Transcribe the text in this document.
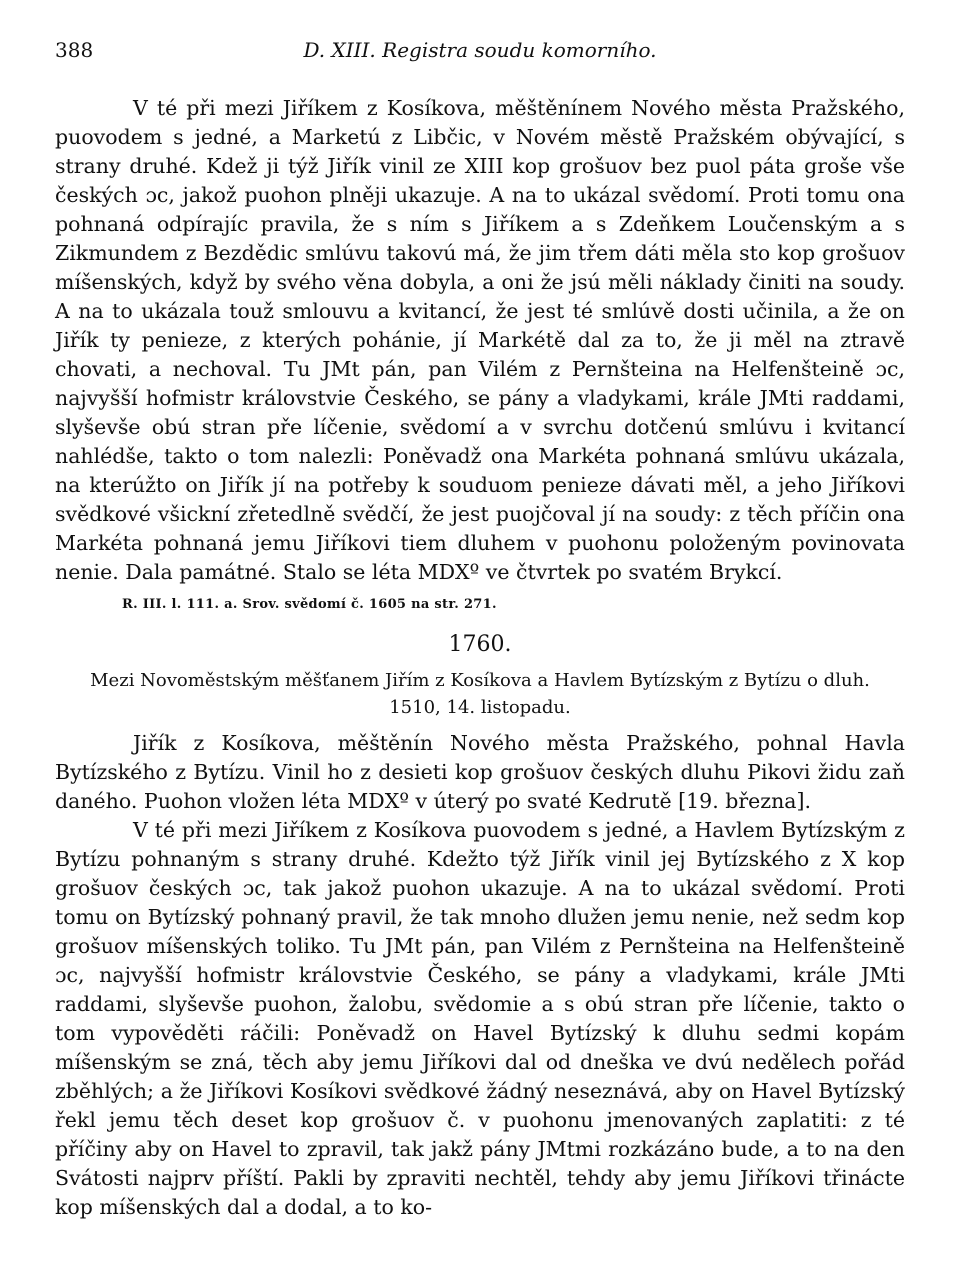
388	D. XIII. Registra soudu komorního.

V té při mezi Jiříkem z Kosíkova, měštěnínem Nového města Pražského, puovodem s jedné, a Marketú z Libčic, v Novém městě Pražském obývající, s strany druhé. Kdež ji týž Jiřík vinil ze XIII kop grošuov bez puol páta groše vše českých ɔc, jakož puohon plněji ukazuje. A na to ukázal svědomí. Proti tomu ona pohnaná odpírajíc pravila, že s ním s Jiříkem a s Zdeňkem Loučenským a s Zikmundem z Bezdědic smlúvu takovú má, že jim třem dáti měla sto kop grošuov míšenských, když by svého věna dobyla, a oni že jsú měli náklady činiti na soudy. A na to ukázala touž smlouvu a kvitancí, že jest té smlúvě dosti učinila, a že on Jiřík ty penieze, z kterých pohánie, jí Markétě dal za to, že ji měl na ztravě chovati, a nechoval. Tu JMt pán, pan Vilém z Pernšteina na Helfenšteině ɔc, najvyšší hofmistr královstvie Českého, se pány a vladykami, krále JMti raddami, slyševše obú stran pře líčenie, svědomí a v svrchu dotčenú smlúvu i kvitancí nahlédše, takto o tom nalezli: Poněvadž ona Markéta pohnaná smlúvu ukázala, na kterúžto on Jiřík jí na potřeby k souduom penieze dávati měl, a jeho Jiříkovi svědkové všickní zřetedlně svědčí, že jest puojčoval jí na soudy: z těch příčin ona Markéta pohnaná jemu Jiříkovi tiem dluhem v puohonu položeným povinovata nenie. Dala památné. Stalo se léta MDXº ve čtvrtek po svatém Brykcí.

R. III. l. 111. a. Srov. svědomí č. 1605 na str. 271.

1760.

Mezi Novoměstským měšťanem Jiřím z Kosíkova a Havlem Bytízským z Bytízu o dluh.

1510, 14. listopadu.

Jiřík z Kosíkova, měštěnín Nového města Pražského, pohnal Havla Bytízského z Bytízu. Vinil ho z desieti kop grošuov českých dluhu Pikovi židu zaň daného. Puohon vložen léta MDXº v úterý po svaté Kedrutě [19. března].

V té při mezi Jiříkem z Kosíkova puovodem s jedné, a Havlem Bytízským z Bytízu pohnaným s strany druhé. Kdežto týž Jiřík vinil jej Bytízského z X kop grošuov českých ɔc, tak jakož puohon ukazuje. A na to ukázal svědomí. Proti tomu on Bytízský pohnaný pravil, že tak mnoho dlužen jemu nenie, než sedm kop grošuov míšenských toliko. Tu JMt pán, pan Vilém z Pernšteina na Helfenšteině ɔc, najvyšší hofmistr královstvie Českého, se pány a vladykami, krále JMti raddami, slyševše puohon, žalobu, svědomie a s obú stran pře líčenie, takto o tom vypověděti ráčili: Poněvadž on Havel Bytízský k dluhu sedmi kopám míšenským se zná, těch aby jemu Jiříkovi dal od dneška ve dvú nedělech pořád zběhlých; a že Jiříkovi Kosíkovi svědkové žádný neseznává, aby on Havel Bytízský řekl jemu těch deset kop grošuov č. v puohonu jmenovaných zaplatiti: z té příčiny aby on Havel to zpravil, tak jakž pány JMtmi rozkázáno bude, a to na den Svátosti najprv příští. Pakli by zpraviti nechtěl, tehdy aby jemu Jiříkovi třinácte kop míšenských dal a dodal, a to ko-
